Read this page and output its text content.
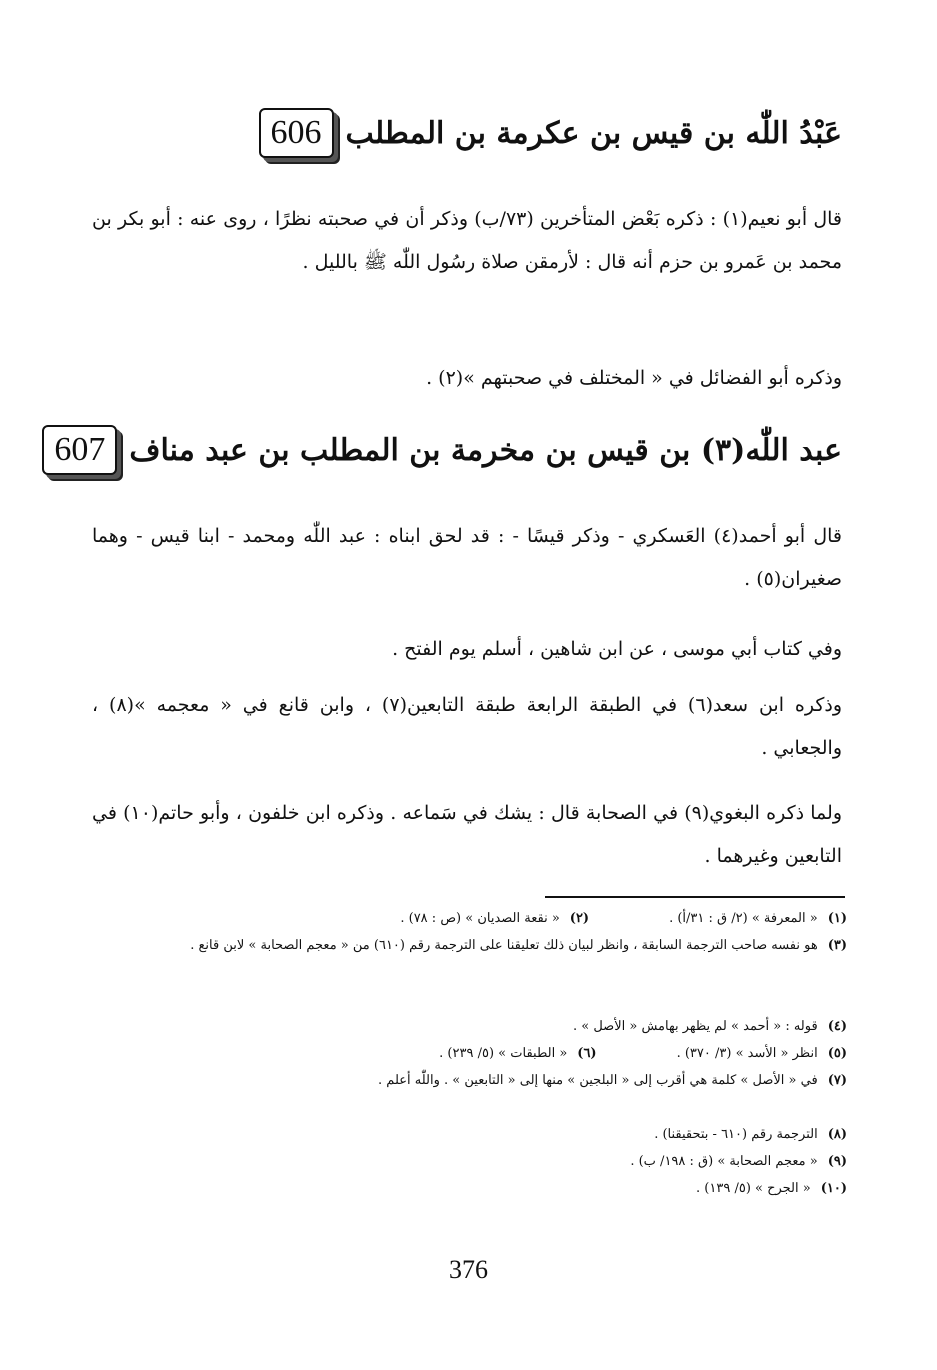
606 عَبْدُ اللّٰه بن قيس بن عكرمة بن المطلب
قال أبو نعيم(١) : ذكره بَعْض المتأخرين (٧٣/ب) وذكر أن في صحبته نظرًا ، روى عنه : أبو بكر بن محمد بن عَمرو بن حزم أنه قال : لأرمقن صلاة رسُول اللّٰه ﷺ بالليل .
وذكره أبو الفضائل في « المختلف في صحبتهم »(٢) .
607 عبد اللّٰه(٣) بن قيس بن مخرمة بن المطلب بن عبد مناف
قال أبو أحمد(٤) العَسكري - وذكر قيسًا - : قد لحق ابناه : عبد اللّٰه ومحمد - ابنا قيس - وهما صغيران(٥) .
وفي كتاب أبي موسى ، عن ابن شاهين ، أسلم يوم الفتح .
وذكره ابن سعد(٦) في الطبقة الرابعة طبقة التابعين(٧) ، وابن قانع في « معجمه »(٨) ، والجعابي .
ولما ذكره البغوي(٩) في الصحابة قال : يشك في سَماعه . وذكره ابن خلفون ، وأبو حاتم(١٠) في التابعين وغيرهما .
(١)« المعرفة » (٢/ ق : ٣١/أ) .(٢)« نقعة الصديان » (ص : ٧٨) .
(٣)هو نفسه صاحب الترجمة السابقة ، وانظر لبيان ذلك تعليقنا على الترجمة رقم (٦١٠) من « معجم الصحابة » لابن قانع .
(٤)قوله : « أحمد » لم يظهر بهامش « الأصل » .
(٥)انظر « الأسد » (٣/ ٣٧٠) .(٦)« الطبقات » (٥/ ٢٣٩) .
(٧)في « الأصل » كلمة هي أقرب إلى « البلجين » منها إلى « التابعين » . واللّٰه أعلم .
(٨)الترجمة رقم (٦١٠ - بتحقيقنا) .
(٩)« معجم الصحابة » (ق : ١٩٨/ ب) .
(١٠)« الجرح » (٥/ ١٣٩) .
376
